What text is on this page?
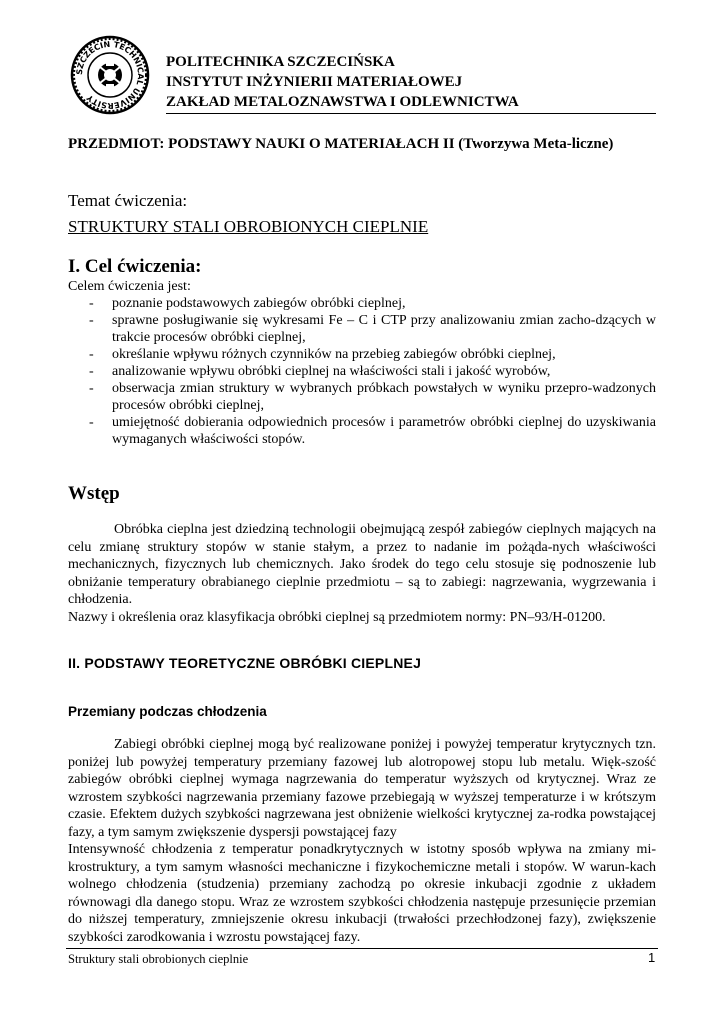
SZCZECIN TECHNICAL UNIVERSITY
POLITECHNIKA SZCZECIŃSKA
INSTYTUT INŻYNIERII MATERIAŁOWEJ
ZAKŁAD METALOZNAWSTWA I ODLEWNICTWA
PRZEDMIOT: PODSTAWY NAUKI O MATERIAŁACH II (Tworzywa Meta-liczne)
Temat ćwiczenia:
STRUKTURY STALI OBROBIONYCH CIEPLNIE
I. Cel ćwiczenia:

Celem ćwiczenia jest:

- poznanie podstawowych zabiegów obróbki cieplnej,
- sprawne posługiwanie się wykresami Fe – C i CTP przy analizowaniu zmian zacho-dzących w trakcie procesów obróbki cieplnej,
- określanie wpływu różnych czynników na przebieg zabiegów obróbki cieplnej,
- analizowanie wpływu obróbki cieplnej na właściwości stali i jakość wyrobów,
- obserwacja zmian struktury w wybranych próbkach powstałych w wyniku przepro-wadzonych procesów obróbki cieplnej,
- umiejętność dobierania odpowiednich procesów i parametrów obróbki cieplnej do uzyskiwania wymaganych właściwości stopów.
Wstęp

Obróbka cieplna jest dziedziną technologii obejmującą zespół zabiegów cieplnych mających na celu zmianę struktury stopów w stanie stałym, a przez to nadanie im pożąda-nych właściwości mechanicznych, fizycznych lub chemicznych. Jako środek do tego celu stosuje się podnoszenie lub obniżanie temperatury obrabianego cieplnie przedmiotu – są to zabiegi: nagrzewania, wygrzewania i chłodzenia.

Nazwy i określenia oraz klasyfikacja obróbki cieplnej są przedmiotem normy: PN–93/H-01200.

II. PODSTAWY TEORETYCZNE OBRÓBKI CIEPLNEJ
Przemiany podczas chłodzenia

Zabiegi obróbki cieplnej mogą być realizowane poniżej i powyżej temperatur krytycznych tzn. poniżej lub powyżej temperatury przemiany fazowej lub alotropowej stopu lub metalu. Więk-szość zabiegów obróbki cieplnej wymaga nagrzewania do temperatur wyższych od krytycznej. Wraz ze wzrostem szybkości nagrzewania przemiany fazowe przebiegają w wyższej temperaturze i w krótszym czasie. Efektem dużych szybkości nagrzewana jest obniżenie wielkości krytycznej za-rodka powstającej fazy, a tym samym zwiększenie dyspersji powstającej fazy

Intensywność chłodzenia z temperatur ponadkrytycznych w istotny sposób wpływa na zmiany mi-krostruktury, a tym samym własności mechaniczne i fizykochemiczne metali i stopów. W warun-kach wolnego chłodzenia (studzenia) przemiany zachodzą po okresie inkubacji zgodnie z układem równowagi dla danego stopu. Wraz ze wzrostem szybkości chłodzenia następuje przesunięcie przemian do niższej temperatury, zmniejszenie okresu inkubacji (trwałości przechłodzonej fazy), zwiększenie szybkości zarodkowania i wzrostu powstającej fazy.

Struktury stali obrobionych cieplnie	1
